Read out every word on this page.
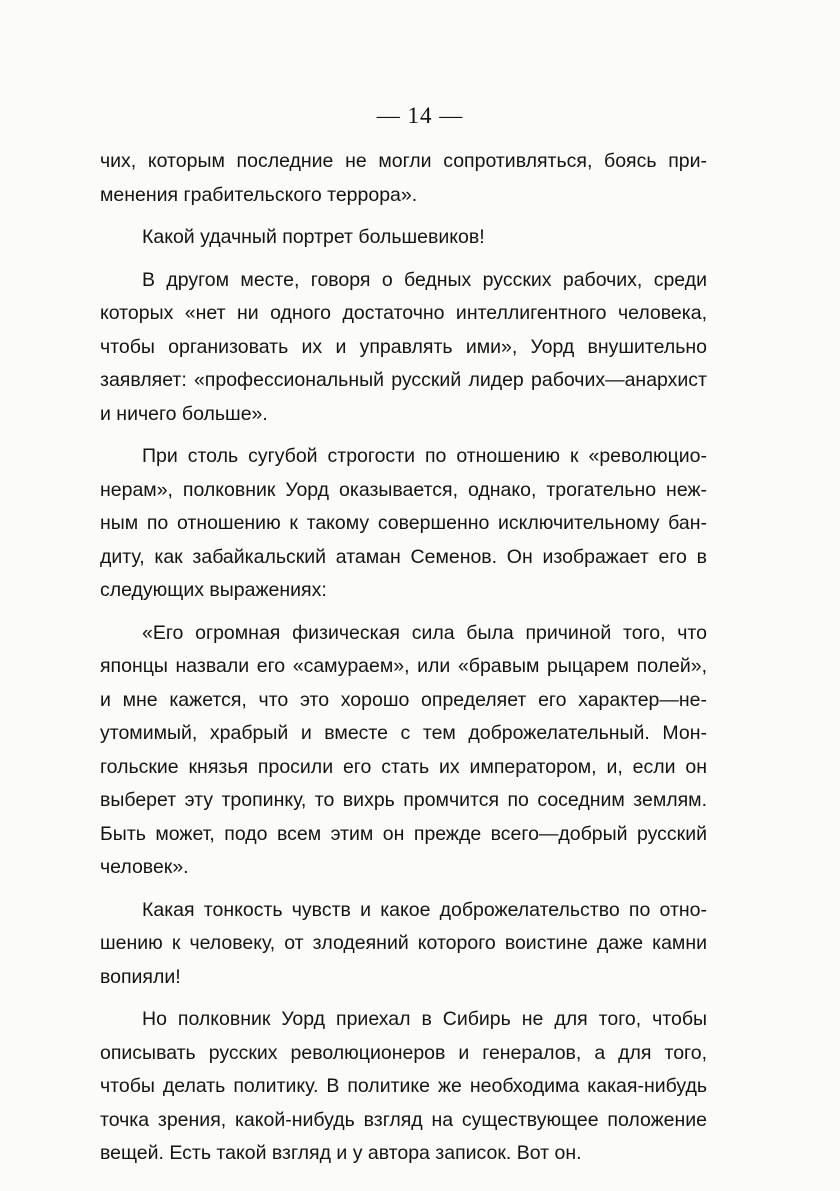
— 14 —

чих, которым последние не могли сопротивляться, боясь применения грабительского террора».

Какой удачный портрет большевиков!

В другом месте, говоря о бедных русских рабочих, среди которых «нет ни одного достаточно интеллигентного человека, чтобы организовать их и управлять ими», Уорд внушительно заявляет: «профессиональный русский лидер рабочих—анархист и ничего больше».

При столь сугубой строгости по отношению к «революционерам», полковник Уорд оказывается, однако, трогательно нежным по отношению к такому совершенно исключительному бандиту, как забайкальский атаман Семенов. Он изображает его в следующих выражениях:

«Его огромная физическая сила была причиной того, что японцы назвали его «самураем», или «бравым рыцарем полей», и мне кажется, что это хорошо определяет его характер—неутомимый, храбрый и вместе с тем доброжелательный. Монгольские князья просили его стать их императором, и, если он выберет эту тропинку, то вихрь промчится по соседним землям. Быть может, подо всем этим он прежде всего—добрый русский человек».

Какая тонкость чувств и какое доброжелательство по отношению к человеку, от злодеяний которого воистине даже камни вопияли!

Но полковник Уорд приехал в Сибирь не для того, чтобы описывать русских революционеров и генералов, а для того, чтобы делать политику. В политике же необходима какая-нибудь точка зрения, какой-нибудь взгляд на существующее положение вещей. Есть такой взгляд и у автора записок. Вот он.
